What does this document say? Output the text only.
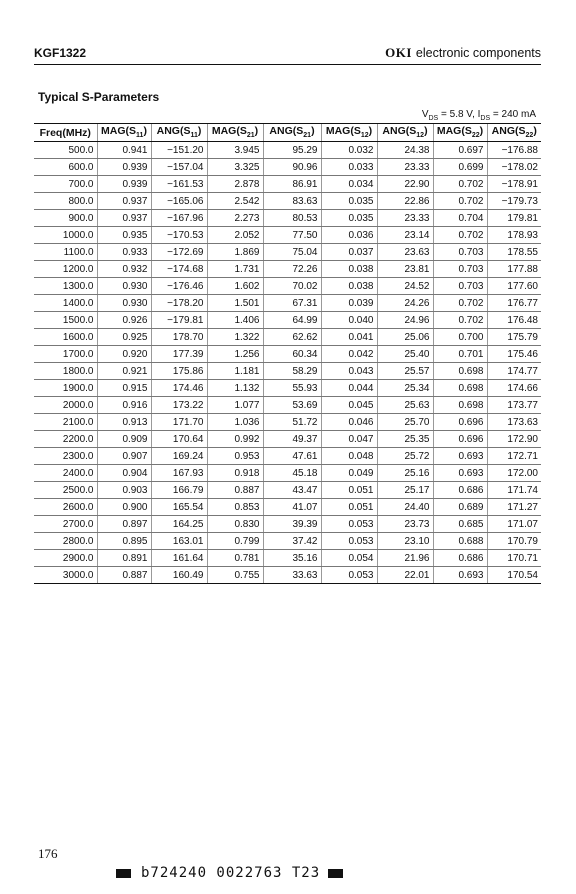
KGF1322	OKI electronic components
Typical S-Parameters
$V_{DS} = 5.8$ V, $I_{DS} = 240$ mA
Freq(MHz)	$MAG(S_{11})$	$ANG(S_{11})$	$MAG(S_{21})$	$ANG(S_{21})$	$MAG(S_{12})$	$ANG(S_{12})$	$MAG(S_{22})$	$ANG(S_{22})$
500.0	0.941	−151.20	3.945	95.29	0.032	24.38	0.697	−176.88
600.0	0.939	−157.04	3.325	90.96	0.033	23.33	0.699	−178.02
700.0	0.939	−161.53	2.878	86.91	0.034	22.90	0.702	−178.91
800.0	0.937	−165.06	2.542	83.63	0.035	22.86	0.702	−179.73
900.0	0.937	−167.96	2.273	80.53	0.035	23.33	0.704	179.81
1000.0	0.935	−170.53	2.052	77.50	0.036	23.14	0.702	178.93
1100.0	0.933	−172.69	1.869	75.04	0.037	23.63	0.703	178.55
1200.0	0.932	−174.68	1.731	72.26	0.038	23.81	0.703	177.88
1300.0	0.930	−176.46	1.602	70.02	0.038	24.52	0.703	177.60
1400.0	0.930	−178.20	1.501	67.31	0.039	24.26	0.702	176.77
1500.0	0.926	−179.81	1.406	64.99	0.040	24.96	0.702	176.48
1600.0	0.925	178.70	1.322	62.62	0.041	25.06	0.700	175.79
1700.0	0.920	177.39	1.256	60.34	0.042	25.40	0.701	175.46
1800.0	0.921	175.86	1.181	58.29	0.043	25.57	0.698	174.77
1900.0	0.915	174.46	1.132	55.93	0.044	25.34	0.698	174.66
2000.0	0.916	173.22	1.077	53.69	0.045	25.63	0.698	173.77
2100.0	0.913	171.70	1.036	51.72	0.046	25.70	0.696	173.63
2200.0	0.909	170.64	0.992	49.37	0.047	25.35	0.696	172.90
2300.0	0.907	169.24	0.953	47.61	0.048	25.72	0.693	172.71
2400.0	0.904	167.93	0.918	45.18	0.049	25.16	0.693	172.00
2500.0	0.903	166.79	0.887	43.47	0.051	25.17	0.686	171.74
2600.0	0.900	165.54	0.853	41.07	0.051	24.40	0.689	171.27
2700.0	0.897	164.25	0.830	39.39	0.053	23.73	0.685	171.07
2800.0	0.895	163.01	0.799	37.42	0.053	23.10	0.688	170.79
2900.0	0.891	161.64	0.781	35.16	0.054	21.96	0.686	170.71
3000.0	0.887	160.49	0.755	33.63	0.053	22.01	0.693	170.54
176
b724240 0022763 T23
